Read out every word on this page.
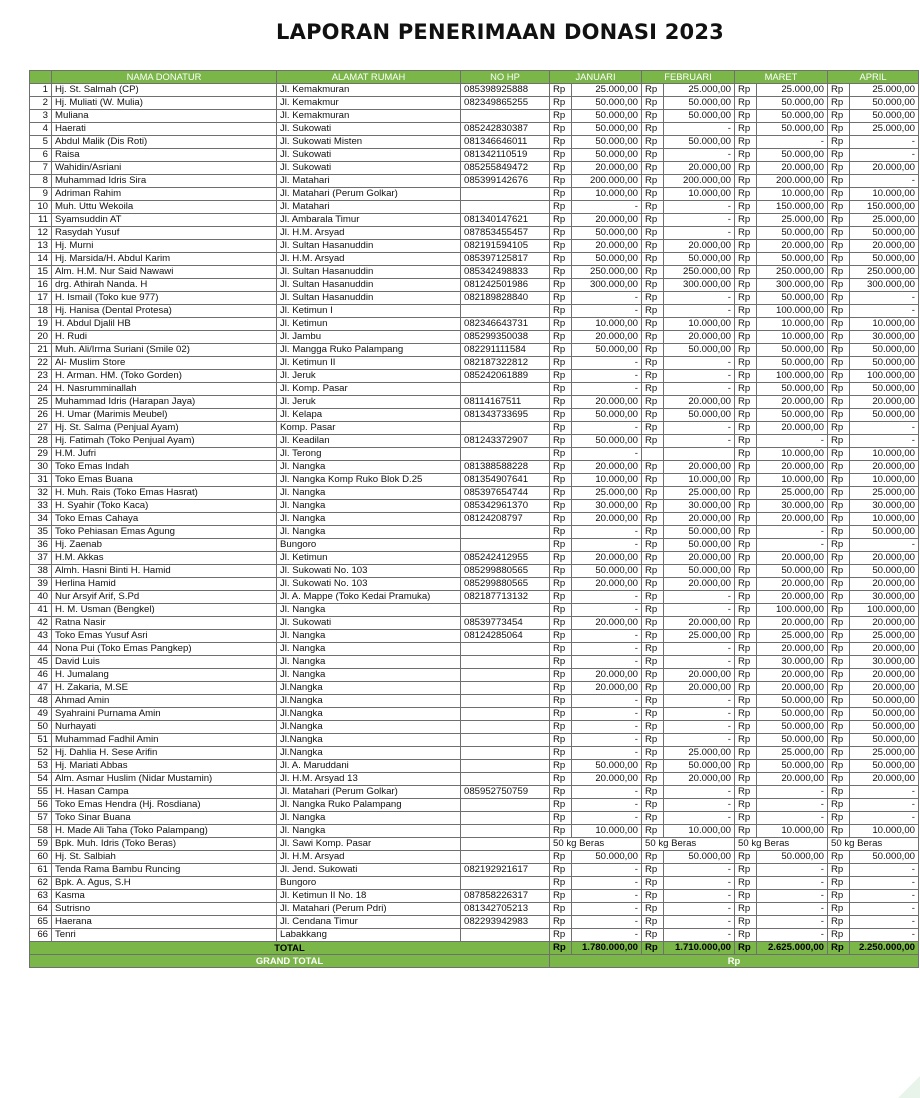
LAPORAN PENERIMAAN DONASI 2023
	NAMA DONATUR	ALAMAT RUMAH	NO HP	JANUARI		FEBRUARI		MARET		APRIL	
1	Hj. St. Salmah (CP)	Jl. Kemakmuran	085398925888	Rp	25.000,00	Rp	25.000,00	Rp	25.000,00	Rp	25.000,00
2	Hj. Muliati (W. Mulia)	Jl. Kemakmur	082349865255	Rp	50.000,00	Rp	50.000,00	Rp	50.000,00	Rp	50.000,00
3	Muliana	Jl. Kemakmuran		Rp	50.000,00	Rp	50.000,00	Rp	50.000,00	Rp	50.000,00
4	Haerati	Jl. Sukowati	085242830387	Rp	50.000,00	Rp	-	Rp	50.000,00	Rp	25.000,00
5	Abdul Malik (Dis Roti)	Jl. Sukowati Misten	081346646011	Rp	50.000,00	Rp	50.000,00	Rp	-	Rp	-
6	Raisa	Jl. Sukowati	081342110519	Rp	50.000,00	Rp	-	Rp	50.000,00	Rp	-
7	Wahidin/Asriani	Jl. Sukowati	085255849472	Rp	20.000,00	Rp	20.000,00	Rp	20.000,00	Rp	20.000,00
8	Muhammad Idris Sira	Jl. Matahari	085399142676	Rp	200.000,00	Rp	200.000,00	Rp	200.000,00	Rp	-
9	Adriman Rahim	Jl. Matahari (Perum Golkar)		Rp	10.000,00	Rp	10.000,00	Rp	10.000,00	Rp	10.000,00
10	Muh. Uttu Wekoila	Jl. Matahari		Rp	-	Rp	-	Rp	150.000,00	Rp	150.000,00
11	Syamsuddin AT	Jl. Ambarala Timur	081340147621	Rp	20.000,00	Rp	-	Rp	25.000,00	Rp	25.000,00
12	Rasydah Yusuf	Jl. H.M. Arsyad	087853455457	Rp	50.000,00	Rp	-	Rp	50.000,00	Rp	50.000,00
13	Hj. Murni	Jl. Sultan Hasanuddin	082191594105	Rp	20.000,00	Rp	20.000,00	Rp	20.000,00	Rp	20.000,00
14	Hj. Marsida/H. Abdul Karim	Jl. H.M. Arsyad	085397125817	Rp	50.000,00	Rp	50.000,00	Rp	50.000,00	Rp	50.000,00
15	Alm. H.M. Nur Said Nawawi	Jl. Sultan Hasanuddin	085342498833	Rp	250.000,00	Rp	250.000,00	Rp	250.000,00	Rp	250.000,00
16	drg. Athirah Nanda. H	Jl. Sultan Hasanuddin	081242501986	Rp	300.000,00	Rp	300.000,00	Rp	300.000,00	Rp	300.000,00
17	H. Ismail (Toko kue 977)	Jl. Sultan Hasanuddin	082189828840	Rp	-	Rp	-	Rp	50.000,00	Rp	-
18	Hj. Hanisa (Dental Protesa)	Jl. Ketimun I		Rp	-	Rp	-	Rp	100.000,00	Rp	-
19	H. Abdul Djalil HB	Jl. Ketimun	082346643731	Rp	10.000,00	Rp	10.000,00	Rp	10.000,00	Rp	10.000,00
20	H. Rudi	Jl. Jambu	085299350038	Rp	20.000,00	Rp	20.000,00	Rp	10.000,00	Rp	30.000,00
21	Muh. Ali/Irma Suriani (Smile 02)	Jl. Mangga Ruko Palampang	082291111584	Rp	50.000,00	Rp	50.000,00	Rp	50.000,00	Rp	50.000,00
22	Al- Muslim Store	Jl. Ketimun II	082187322812	Rp	-	Rp	-	Rp	50.000,00	Rp	50.000,00
23	H. Arman. HM. (Toko Gorden)	Jl. Jeruk	085242061889	Rp	-	Rp	-	Rp	100.000,00	Rp	100.000,00
24	H. Nasrumminallah	Jl. Komp. Pasar		Rp	-	Rp	-	Rp	50.000,00	Rp	50.000,00
25	Muhammad Idris (Harapan Jaya)	Jl. Jeruk	08114167511	Rp	20.000,00	Rp	20.000,00	Rp	20.000,00	Rp	20.000,00
26	H. Umar (Marimis Meubel)	Jl. Kelapa	081343733695	Rp	50.000,00	Rp	50.000,00	Rp	50.000,00	Rp	50.000,00
27	Hj. St. Salma (Penjual Ayam)	Komp. Pasar		Rp	-	Rp	-	Rp	20.000,00	Rp	-
28	Hj. Fatimah (Toko Penjual Ayam)	Jl. Keadilan	081243372907	Rp	50.000,00	Rp	-	Rp	-	Rp	-
29	H.M. Jufri	Jl. Terong		Rp	-			Rp	10.000,00	Rp	10.000,00
30	Toko Emas Indah	Jl. Nangka	081388588228	Rp	20.000,00	Rp	20.000,00	Rp	20.000,00	Rp	20.000,00
31	Toko Emas Buana	Jl. Nangka Komp Ruko Blok D.25	081354907641	Rp	10.000,00	Rp	10.000,00	Rp	10.000,00	Rp	10.000,00
32	H. Muh. Rais (Toko Emas Hasrat)	Jl. Nangka	085397654744	Rp	25.000,00	Rp	25.000,00	Rp	25.000,00	Rp	25.000,00
33	H. Syahir (Toko Kaca)	Jl. Nangka	085342961370	Rp	30.000,00	Rp	30.000,00	Rp	30.000,00	Rp	30.000,00
34	Toko Emas Cahaya	Jl. Nangka	08124208797	Rp	20.000,00	Rp	20.000,00	Rp	20.000,00	Rp	10.000,00
35	Toko Pehiasan Emas Agung	Jl. Nangka		Rp	-	Rp	50.000,00	Rp	-	Rp	50.000,00
36	Hj. Zaenab	Bungoro		Rp	-	Rp	50.000,00	Rp	-	Rp	-
37	H.M. Akkas	Jl. Ketimun	085242412955	Rp	20.000,00	Rp	20.000,00	Rp	20.000,00	Rp	20.000,00
38	Almh. Hasni Binti H. Hamid	Jl. Sukowati No. 103	085299880565	Rp	50.000,00	Rp	50.000,00	Rp	50.000,00	Rp	50.000,00
39	Herlina Hamid	Jl. Sukowati No. 103	085299880565	Rp	20.000,00	Rp	20.000,00	Rp	20.000,00	Rp	20.000,00
40	Nur Arsyif Arif, S.Pd	Jl. A. Mappe (Toko Kedai Pramuka)	082187713132	Rp	-	Rp	-	Rp	20.000,00	Rp	30.000,00
41	H. M. Usman (Bengkel)	Jl. Nangka		Rp	-	Rp	-	Rp	100.000,00	Rp	100.000,00
42	Ratna Nasir	Jl. Sukowati	08539773454	Rp	20.000,00	Rp	20.000,00	Rp	20.000,00	Rp	20.000,00
43	Toko Emas Yusuf Asri	Jl. Nangka	08124285064	Rp	-	Rp	25.000,00	Rp	25.000,00	Rp	25.000,00
44	Nona Pui (Toko Emas Pangkep)	Jl. Nangka		Rp	-	Rp	-	Rp	20.000,00	Rp	20.000,00
45	David Luis	Jl. Nangka		Rp	-	Rp	-	Rp	30.000,00	Rp	30.000,00
46	H. Jumalang	Jl. Nangka		Rp	20.000,00	Rp	20.000,00	Rp	20.000,00	Rp	20.000,00
47	H. Zakaria, M.SE	Jl.Nangka		Rp	20.000,00	Rp	20.000,00	Rp	20.000,00	Rp	20.000,00
48	Ahmad Amin	Jl.Nangka		Rp	-	Rp	-	Rp	50.000,00	Rp	50.000,00
49	Syahraini Purnama Amin	Jl.Nangka		Rp	-	Rp	-	Rp	50.000,00	Rp	50.000,00
50	Nurhayati	Jl.Nangka		Rp	-	Rp	-	Rp	50.000,00	Rp	50.000,00
51	Muhammad Fadhil Amin	Jl.Nangka		Rp	-	Rp	-	Rp	50.000,00	Rp	50.000,00
52	Hj. Dahlia H. Sese Arifin	Jl.Nangka		Rp	-	Rp	25.000,00	Rp	25.000,00	Rp	25.000,00
53	Hj. Mariati Abbas	Jl. A. Maruddani		Rp	50.000,00	Rp	50.000,00	Rp	50.000,00	Rp	50.000,00
54	Alm. Asmar Huslim (Nidar Mustamin)	Jl. H.M. Arsyad 13		Rp	20.000,00	Rp	20.000,00	Rp	20.000,00	Rp	20.000,00
55	H. Hasan Campa	Jl. Matahari (Perum Golkar)	085952750759	Rp	-	Rp	-	Rp	-	Rp	-
56	Toko Emas Hendra (Hj. Rosdiana)	Jl. Nangka Ruko Palampang		Rp	-	Rp	-	Rp	-	Rp	-
57	Toko Sinar Buana	Jl. Nangka		Rp	-	Rp	-	Rp	-	Rp	-
58	H. Made Ali Taha (Toko Palampang)	Jl. Nangka		Rp	10.000,00	Rp	10.000,00	Rp	10.000,00	Rp	10.000,00
59	Bpk. Muh. Idris (Toko Beras)	Jl. Sawi Komp. Pasar		50 kg Beras		50 kg Beras		50 kg Beras		50 kg Beras	
60	Hj. St. Salbiah	Jl. H.M. Arsyad		Rp	50.000,00	Rp	50.000,00	Rp	50.000,00	Rp	50.000,00
61	Tenda Rama Bambu Runcing	Jl. Jend. Sukowati	082192921617	Rp	-	Rp	-	Rp	-	Rp	-
62	Bpk. A. Agus, S.H	Bungoro		Rp	-	Rp	-	Rp	-	Rp	-
63	Kasma	Jl. Ketimun II No. 18	087858226317	Rp	-	Rp	-	Rp	-	Rp	-
64	Sutrisno	Jl. Matahari (Perum Pdri)	081342705213	Rp	-	Rp	-	Rp	-	Rp	-
65	Haerana	Jl. Cendana Timur	082293942983	Rp	-	Rp	-	Rp	-	Rp	-
66	Tenri	Labakkang		Rp	-	Rp	-	Rp	-	Rp	-
TOTAL				Rp	1.780.000,00	Rp	1.710.000,00	Rp	2.625.000,00	Rp	2.250.000,00
GRAND TOTAL				Rp							
